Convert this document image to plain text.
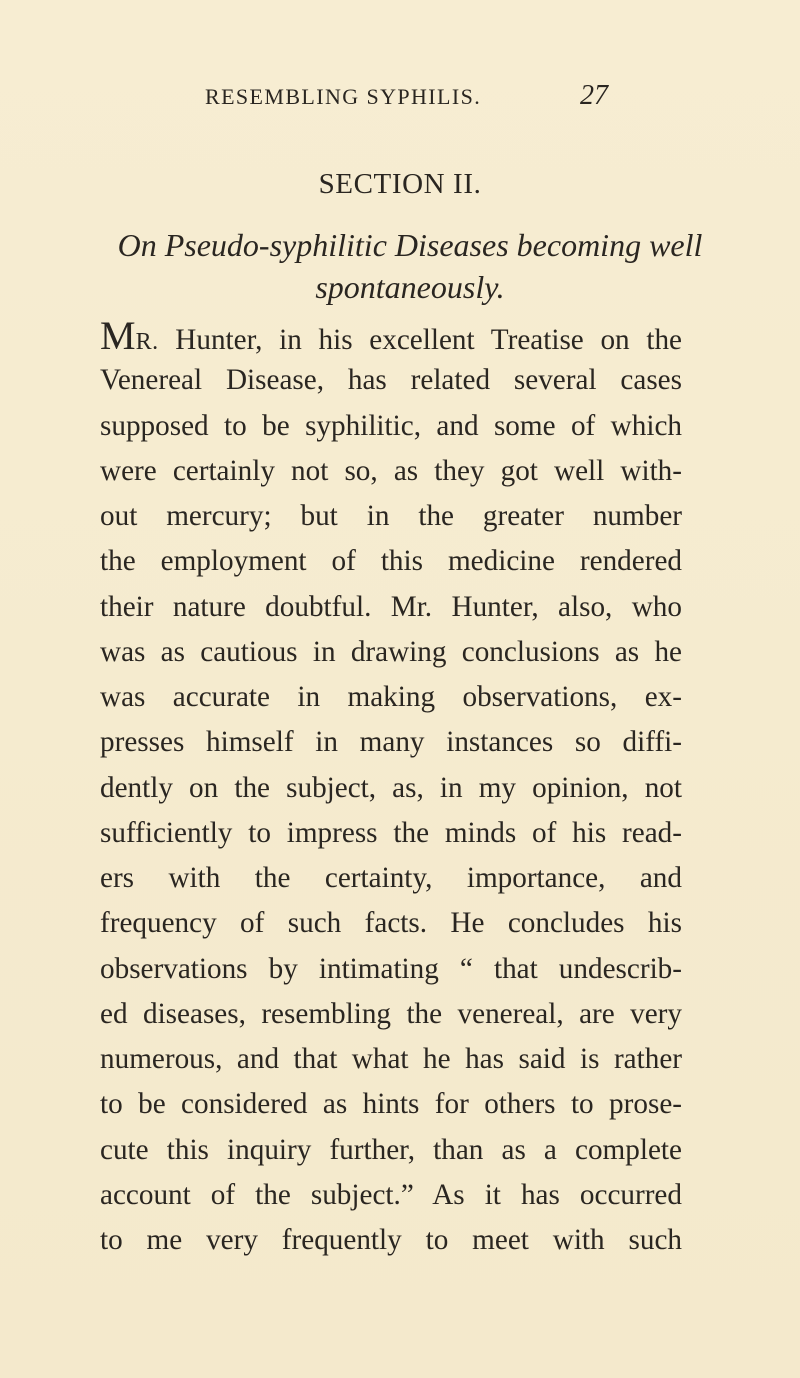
RESEMBLING SYPHILIS.	27
SECTION II.
On Pseudo-syphilitic Diseases becoming well
spontaneously.
MR. Hunter, in his excellent Treatise on the
Venereal Disease, has related several cases
supposed to be syphilitic, and some of which
were certainly not so, as they got well with-
out mercury; but in the greater number
the employment of this medicine rendered
their nature doubtful. Mr. Hunter, also, who
was as cautious in drawing conclusions as he
was accurate in making observations, ex-
presses himself in many instances so diffi-
dently on the subject, as, in my opinion, not
sufficiently to impress the minds of his read-
ers with the certainty, importance, and
frequency of such facts. He concludes his
observations by intimating “ that undescrib-
ed diseases, resembling the venereal, are very
numerous, and that what he has said is rather
to be considered as hints for others to prose-
cute this inquiry further, than as a complete
account of the subject.” As it has occurred
to me very frequently to meet with such
